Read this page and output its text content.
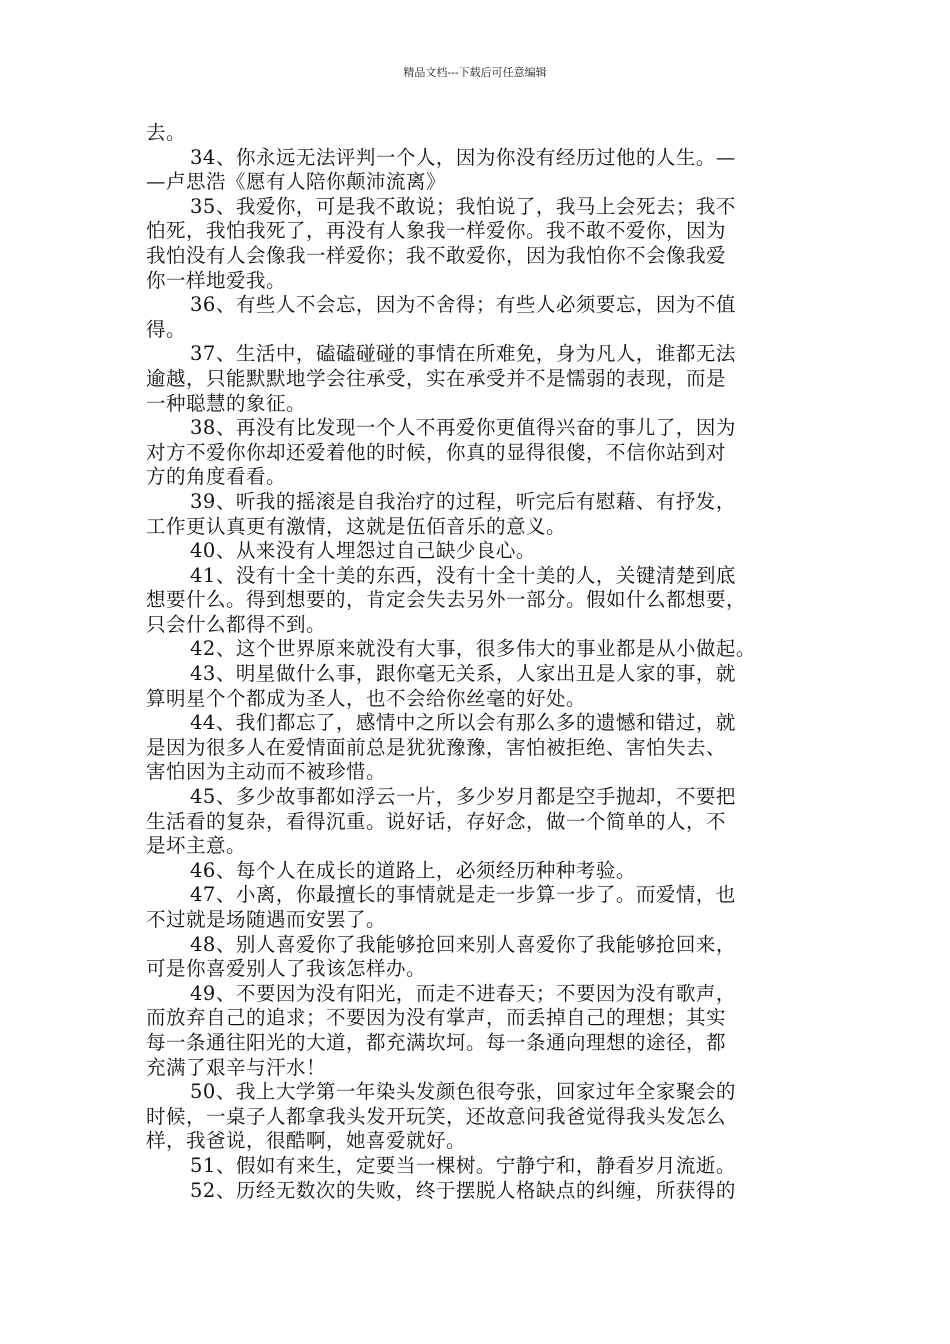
精品文档---下载后可任意编辑
去。
34、你永远无法评判一个人，因为你没有经历过他的人生。—
—卢思浩《愿有人陪你颠沛流离》
35、我爱你，可是我不敢说；我怕说了，我马上会死去；我不
怕死，我怕我死了，再没有人象我一样爱你。我不敢不爱你，因为
我怕没有人会像我一样爱你；我不敢爱你，因为我怕你不会像我爱
你一样地爱我。
36、有些人不会忘，因为不舍得；有些人必须要忘，因为不值
得。
37、生活中，磕磕碰碰的事情在所难免，身为凡人，谁都无法
逾越，只能默默地学会往承受，实在承受并不是懦弱的表现，而是
一种聪慧的象征。
38、再没有比发现一个人不再爱你更值得兴奋的事儿了，因为
对方不爱你你却还爱着他的时候，你真的显得很傻，不信你站到对
方的角度看看。
39、听我的摇滚是自我治疗的过程，听完后有慰藉、有抒发，
工作更认真更有激情，这就是伍佰音乐的意义。
40、从来没有人埋怨过自己缺少良心。
41、没有十全十美的东西，没有十全十美的人，关键清楚到底
想要什么。得到想要的，肯定会失去另外一部分。假如什么都想要，
只会什么都得不到。
42、这个世界原来就没有大事，很多伟大的事业都是从小做起。
43、明星做什么事，跟你毫无关系，人家出丑是人家的事，就
算明星个个都成为圣人，也不会给你丝毫的好处。
44、我们都忘了，感情中之所以会有那么多的遗憾和错过，就
是因为很多人在爱情面前总是犹犹豫豫，害怕被拒绝、害怕失去、
害怕因为主动而不被珍惜。
45、多少故事都如浮云一片，多少岁月都是空手抛却，不要把
生活看的复杂，看得沉重。说好话，存好念，做一个简单的人，不
是坏主意。
46、每个人在成长的道路上，必须经历种种考验。
47、小离，你最擅长的事情就是走一步算一步了。而爱情，也
不过就是场随遇而安罢了。
48、别人喜爱你了我能够抢回来别人喜爱你了我能够抢回来，
可是你喜爱别人了我该怎样办。
49、不要因为没有阳光，而走不进春天；不要因为没有歌声，
而放弃自己的追求；不要因为没有掌声，而丢掉自己的理想；其实
每一条通往阳光的大道，都充满坎坷。每一条通向理想的途径，都
充满了艰辛与汗水！
50、我上大学第一年染头发颜色很夸张，回家过年全家聚会的
时候，一桌子人都拿我头发开玩笑，还故意问我爸觉得我头发怎么
样，我爸说，很酷啊，她喜爱就好。
51、假如有来生，定要当一棵树。宁静宁和，静看岁月流逝。
52、历经无数次的失败，终于摆脱人格缺点的纠缠，所获得的
